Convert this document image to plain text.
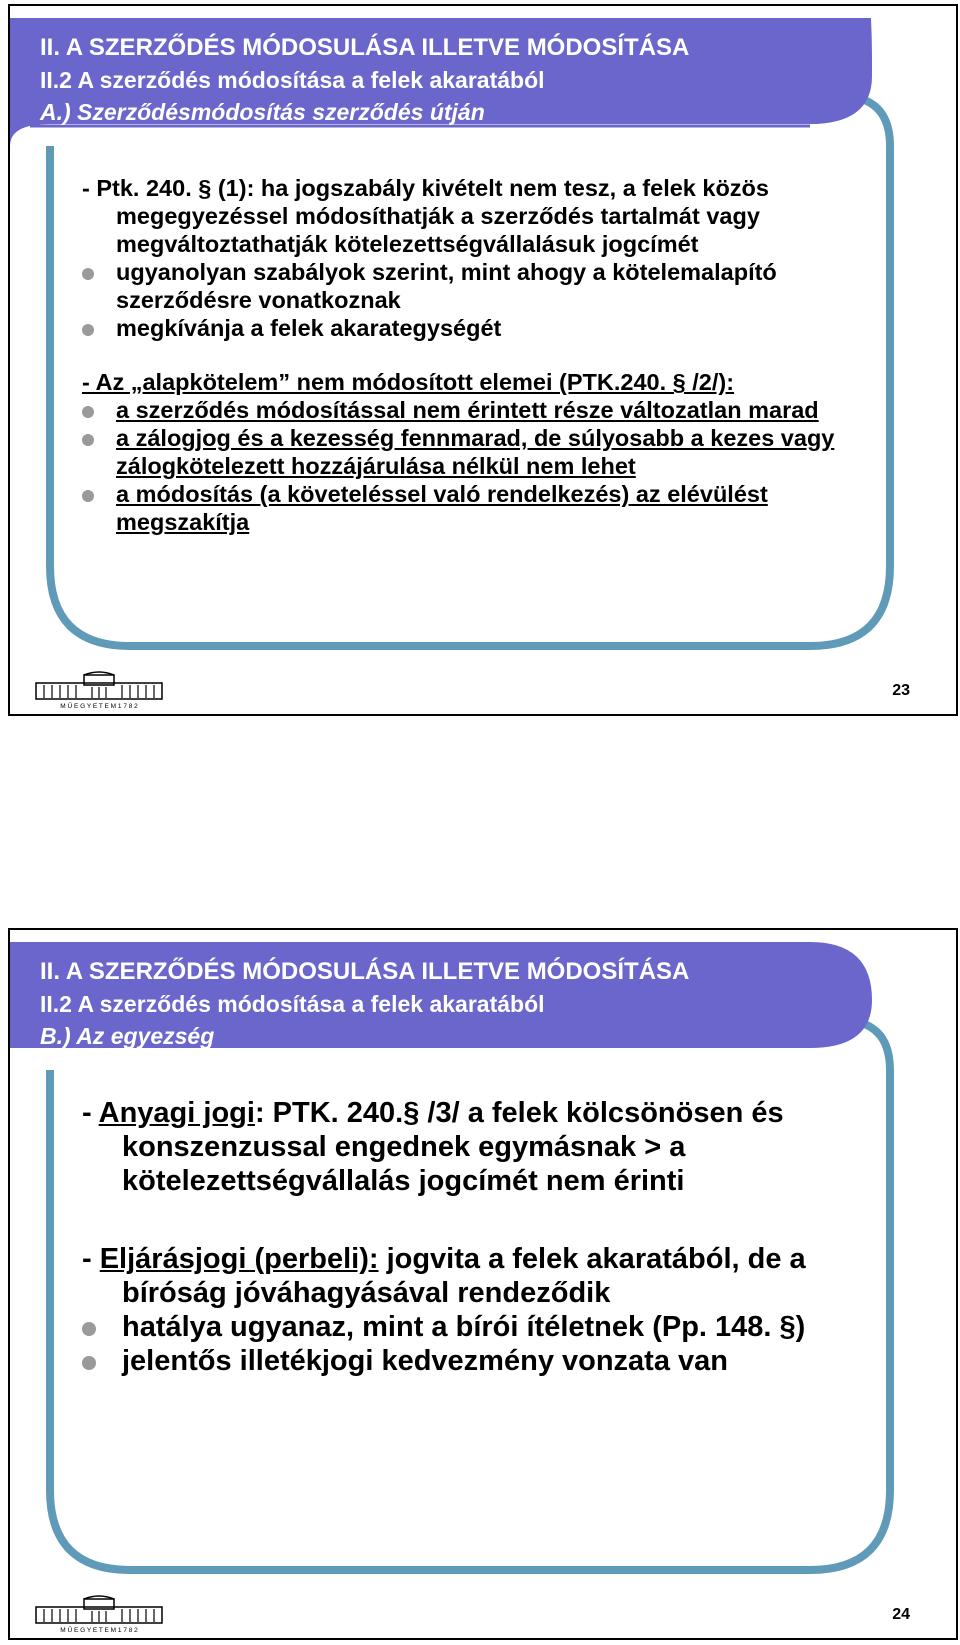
II. A SZERZŐDÉS MÓDOSULÁSA ILLETVE MÓDOSÍTÁSA
II.2 A szerződés módosítása a felek akaratából
A.) Szerződésmódosítás szerződés útján

- Ptk. 240. § (1): ha jogszabály kivételt nem tesz, a felek közös megegyezéssel módosíthatják a szerződés tartalmát vagy megváltoztathatják kötelezettségvállalásuk jogcímét

ugyanolyan szabályok szerint, mint ahogy a kötelemalapító szerződésre vonatkoznak

megkívánja a felek akarategységét

- Az „alapkötelem” nem módosított elemei (PTK.240. § /2/):

a szerződés módosítással nem érintett része változatlan marad

a zálogjog és a kezesség fennmarad, de súlyosabb a kezes vagy zálogkötelezett hozzájárulása nélkül nem lehet

a módosítás (a követeléssel való rendelkezés) az elévülést megszakítja

M Ű E G Y E T E M 1 7 8 2
23
II. A SZERZŐDÉS MÓDOSULÁSA ILLETVE MÓDOSÍTÁSA
II.2 A szerződés módosítása a felek akaratából
B.) Az egyezség

- Anyagi jogi: PTK. 240.§ /3/ a felek kölcsönösen és konszenzussal engednek egymásnak > a kötelezettségvállalás jogcímét nem érinti

- Eljárásjogi (perbeli): jogvita a felek akaratából, de a bíróság jóváhagyásával rendeződik

hatálya ugyanaz, mint a bírói ítéletnek (Pp. 148. §)

jelentős illetékjogi kedvezmény vonzata van

M Ű E G Y E T E M 1 7 8 2
24
